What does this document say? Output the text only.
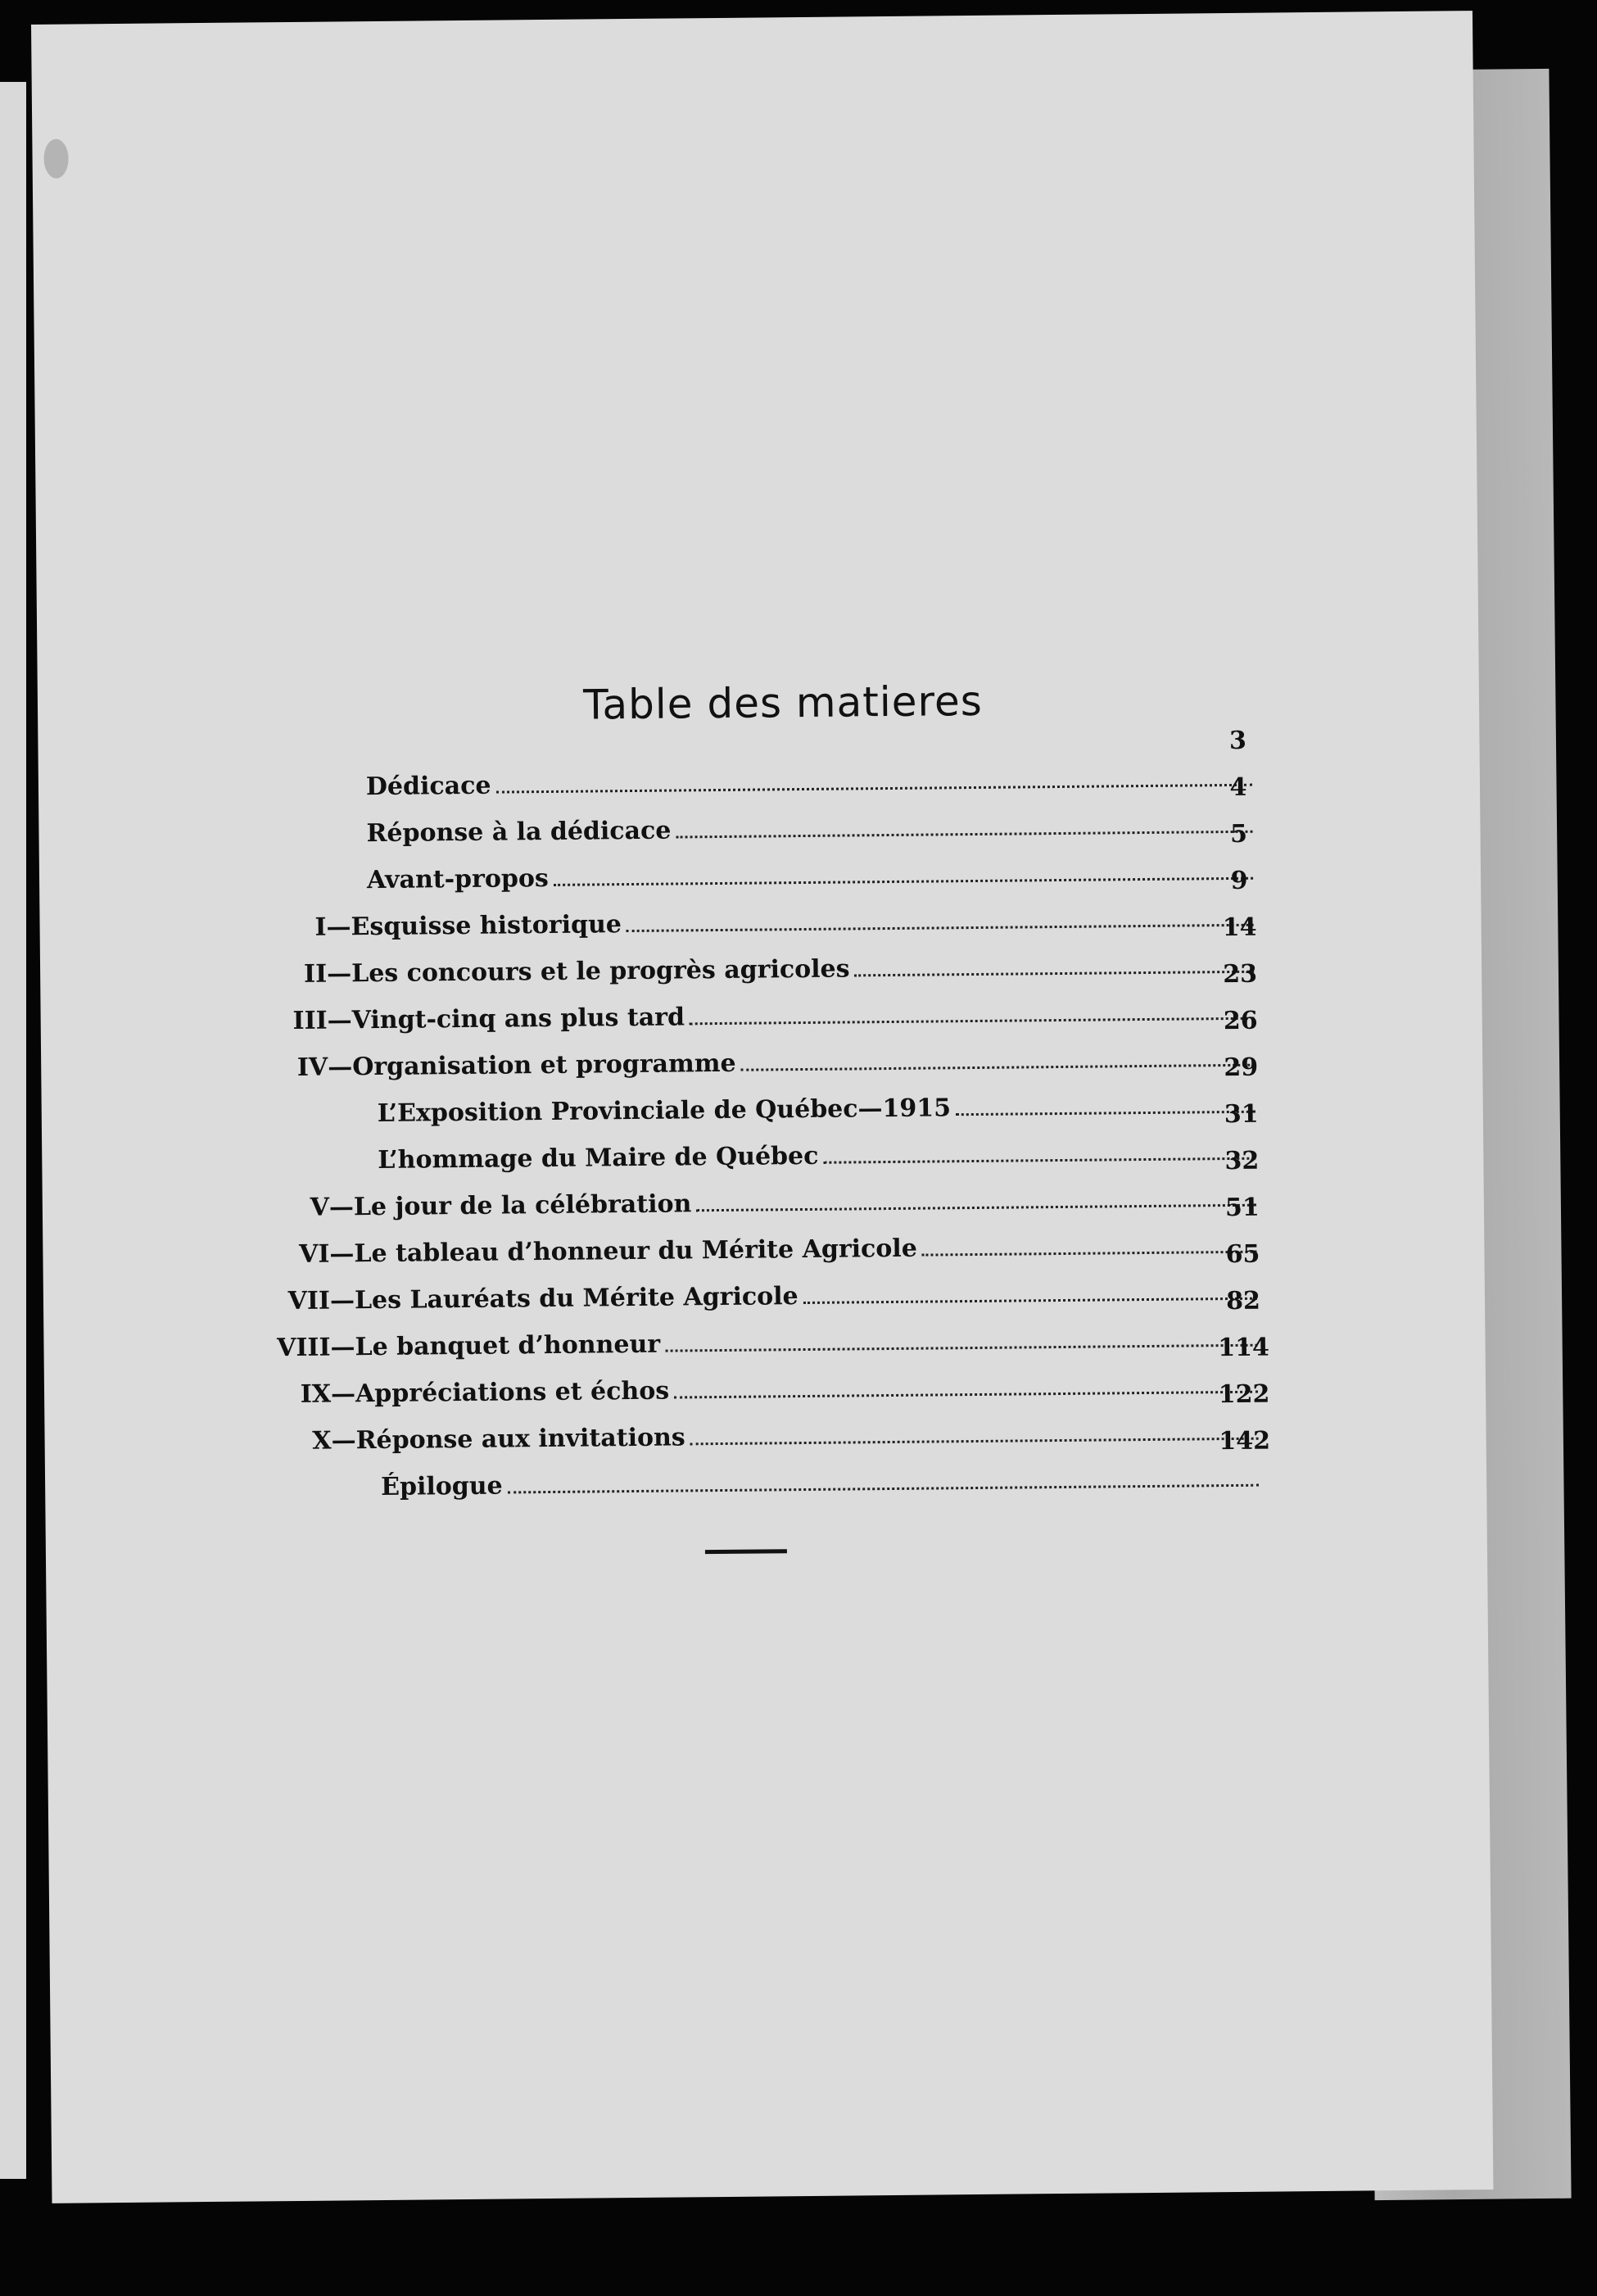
Table des matieres
Dédicace
3
Réponse à la dédicace
4
Avant-propos
5
I— Esquisse historique
9
II— Les concours et le progrès agricoles
14
III— Vingt-cinq ans plus tard
23
IV— Organisation et programme
26
L’Exposition Provinciale de Québec—1915
29
L’hommage du Maire de Québec
31
V— Le jour de la célébration
32
VI— Le tableau d’honneur du Mérite Agricole
51
VII— Les Lauréats du Mérite Agricole
65
VIII— Le banquet d’honneur
82
IX— Appréciations et échos
114
X— Réponse aux invitations
122
Épilogue
142
